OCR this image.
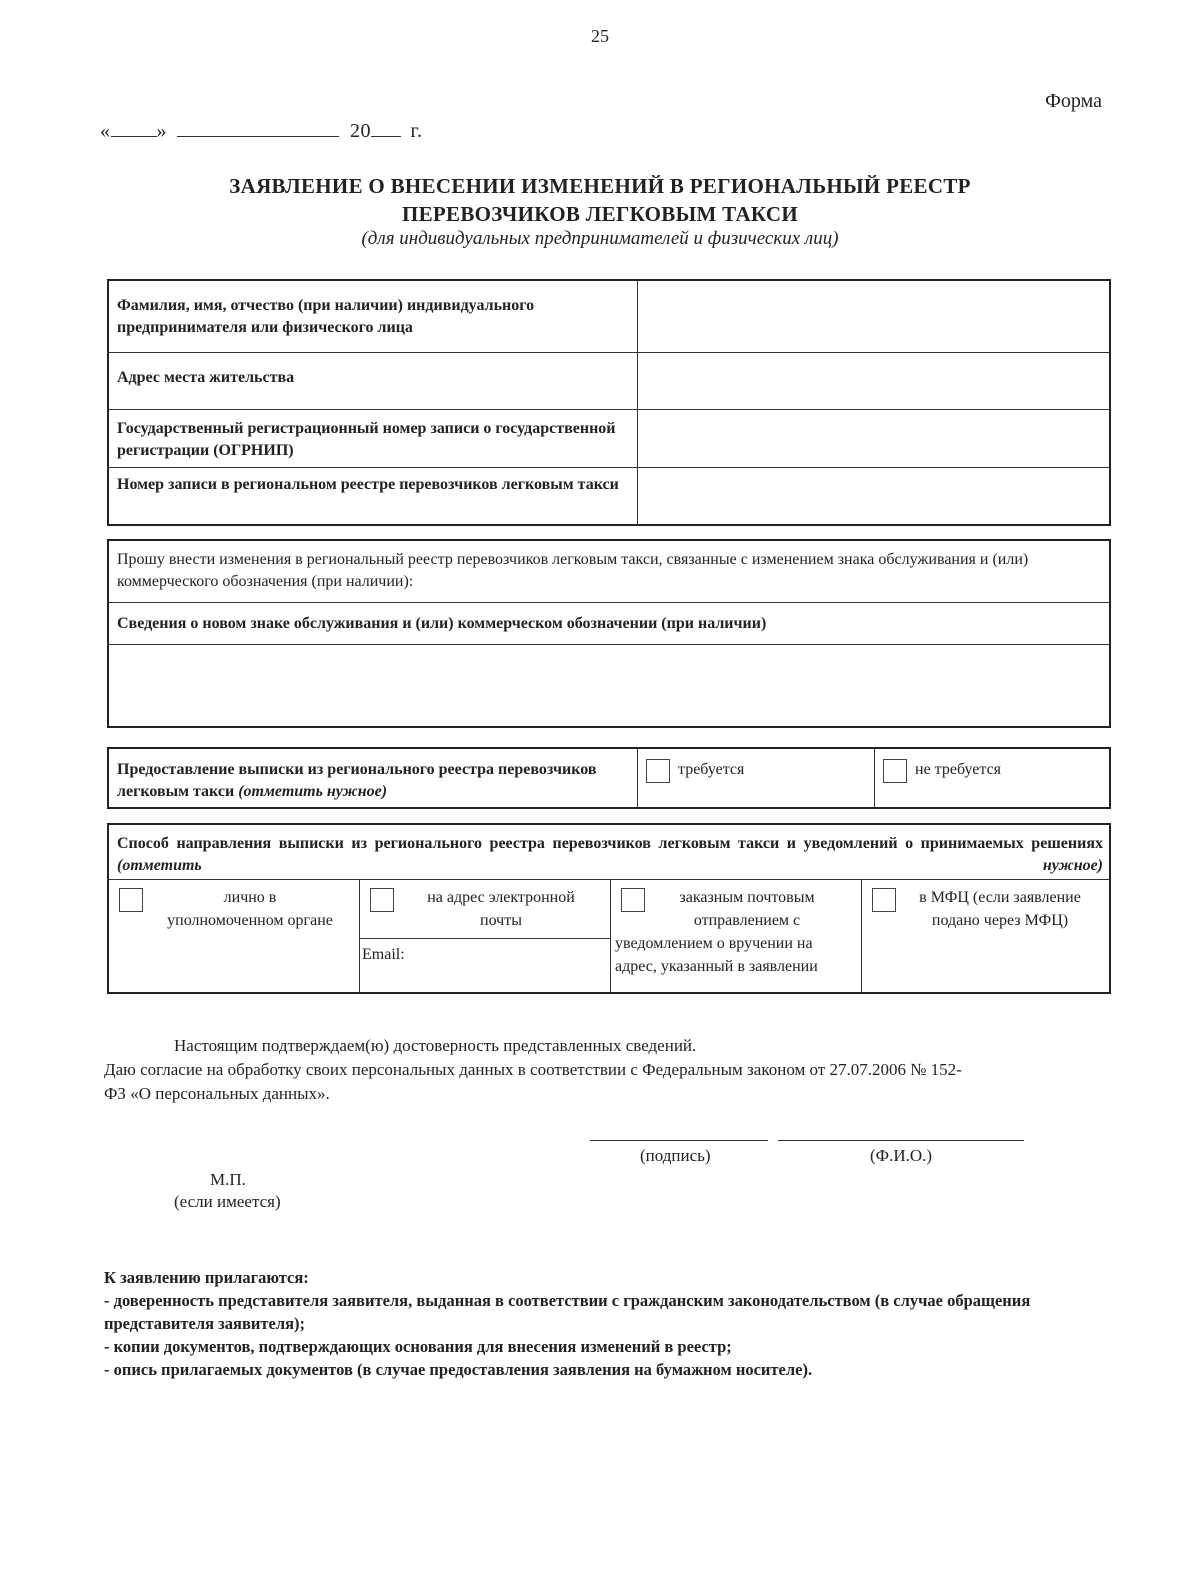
25
Форма
« »	20 г.
ЗАЯВЛЕНИЕ О ВНЕСЕНИИ ИЗМЕНЕНИЙ В РЕГИОНАЛЬНЫЙ РЕЕСТР
ПЕРЕВОЗЧИКОВ ЛЕГКОВЫМ ТАКСИ
(для индивидуальных предпринимателей и физических лиц)
Фамилия, имя, отчество (при наличии) индивидуального предпринимателя или физического лица	
Адрес места жительства	
Государственный регистрационный номер записи о государственной регистрации (ОГРНИП)	
Номер записи в региональном реестре перевозчиков легковым такси	
Прошу внести изменения в региональный реестр перевозчиков легковым такси, связанные с изменением знака обслуживания и (или) коммерческого обозначения (при наличии):
Сведения о новом знаке обслуживания и (или) коммерческом обозначении (при наличии)

Предоставление выписки из регионального реестра перевозчиков легковым такси (отметить нужное)	требуется	не требуется
Способ направления выписки из регионального реестра перевозчиков легковым такси и уведомлений о принимаемых решениях (отметить нужное)

лично в
уполномоченном органе

на адрес электронной
почты
Email:

заказным почтовым
отправлением с
уведомлением о вручении на
адрес, указанный в заявлении

в МФЦ (если заявление
подано через МФЦ)
Настоящим подтверждаем(ю) достоверность представленных сведений.
Даю согласие на обработку своих персональных данных в соответствии с Федеральным законом от 27.07.2006 № 152-
ФЗ «О персональных данных».
(подпись)	(Ф.И.О.)
М.П.
(если имеется)
К заявлению прилагаются:
- доверенность представителя заявителя, выданная в соответствии с гражданским законодательством (в случае обращения представителя заявителя);
- копии документов, подтверждающих основания для внесения изменений в реестр;
- опись прилагаемых документов (в случае предоставления заявления на бумажном носителе).
